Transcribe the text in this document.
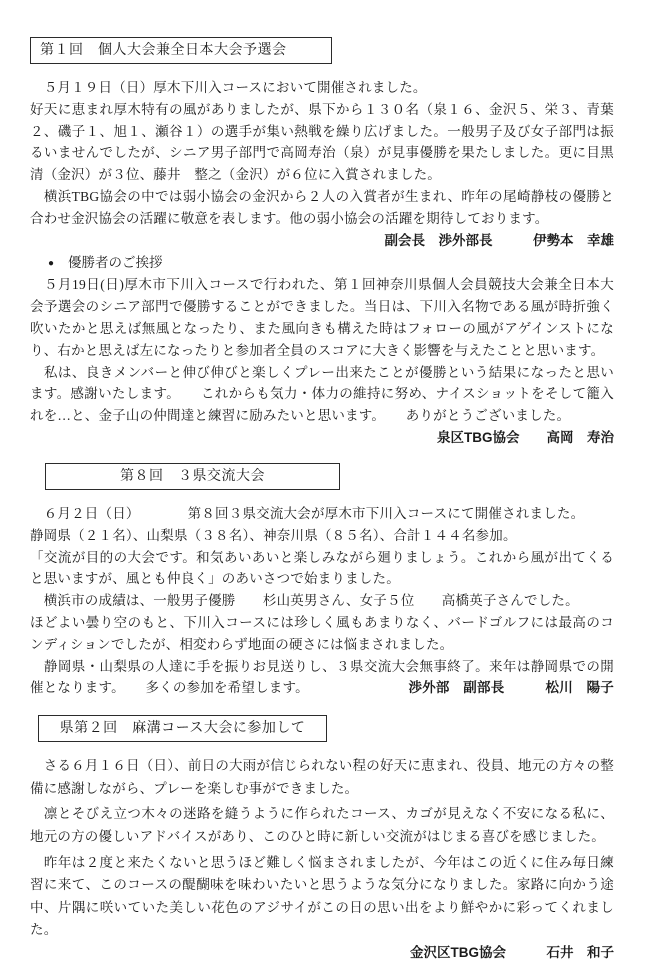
第１回　個人大会兼全日本大会予選会

　５月１９日（日）厚木下川入コースにおいて開催されました。

好天に恵まれ厚木特有の風がありましたが、県下から１３０名（泉１６、金沢５、栄３、青葉２、磯子１、旭１、瀬谷１）の選手が集い熱戦を繰り広げました。一般男子及び女子部門は振るいませんでしたが、シニア男子部門で高岡寿治（泉）が見事優勝を果たしました。更に目黒　清（金沢）が３位、藤井　整之（金沢）が６位に入賞されました。

　横浜TBG協会の中では弱小協会の金沢から２人の入賞者が生まれ、昨年の尾崎静枝の優勝と合わせ金沢協会の活躍に敬意を表します。他の弱小協会の活躍を期待しております。

副会長　渉外部長　　　伊勢本　幸雄

● 優勝者のご挨拶

　５月19日(日)厚木市下川入コースで行われた、第１回神奈川県個人会員競技大会兼全日本大会予選会のシニア部門で優勝することができました。当日は、下川入名物である風が時折強く吹いたかと思えば無風となったり、また風向きも構えた時はフォローの風がアゲインストになり、右かと思えば左になったりと参加者全員のスコアに大きく影響を与えたことと思います。

　私は、良きメンバーと伸び伸びと楽しくプレー出来たことが優勝という結果になったと思います。感謝いたします。　　これからも気力・体力の維持に努め、ナイスショットをそして籠入れを…と、金子山の仲間達と練習に励みたいと思います。　　ありがとうございました。

泉区TBG協会　　高岡　寿治

第８回　３県交流大会

　６月２日（日）　　　　第８回３県交流大会が厚木市下川入コースにて開催されました。

静岡県（２１名）、山梨県（３８名）、神奈川県（８５名）、合計１４４名参加。

「交流が目的の大会です。和気あいあいと楽しみながら廻りましょう。これから風が出てくると思いますが、風とも仲良く」のあいさつで始まりました。

　横浜市の成績は、一般男子優勝　　杉山英男さん、女子５位　　高橋英子さんでした。

ほどよい曇り空のもと、下川入コースには珍しく風もあまりなく、バードゴルフには最高のコンディションでしたが、相変わらず地面の硬さには悩まされました。

　静岡県・山梨県の人達に手を振りお見送りし、３県交流大会無事終了。来年は静岡県での開催となります。　　多くの参加を希望します。	渉外部　副部長　　　松川　陽子

県第２回　麻溝コース大会に参加して

　さる６月１６日（日）、前日の大雨が信じられない程の好天に恵まれ、役員、地元の方々の整備に感謝しながら、プレーを楽しむ事ができました。

　凛とそびえ立つ木々の迷路を縫うように作られたコース、カゴが見えなく不安になる私に、地元の方の優しいアドバイスがあり、このひと時に新しい交流がはじまる喜びを感じました。

　昨年は２度と来たくないと思うほど難しく悩まされましたが、今年はこの近くに住み毎日練習に来て、このコースの醍醐味を味わいたいと思うような気分になりました。家路に向かう途中、片隅に咲いていた美しい花色のアジサイがこの日の思い出をより鮮やかに彩ってくれました。

金沢区TBG協会　　　石井　和子
